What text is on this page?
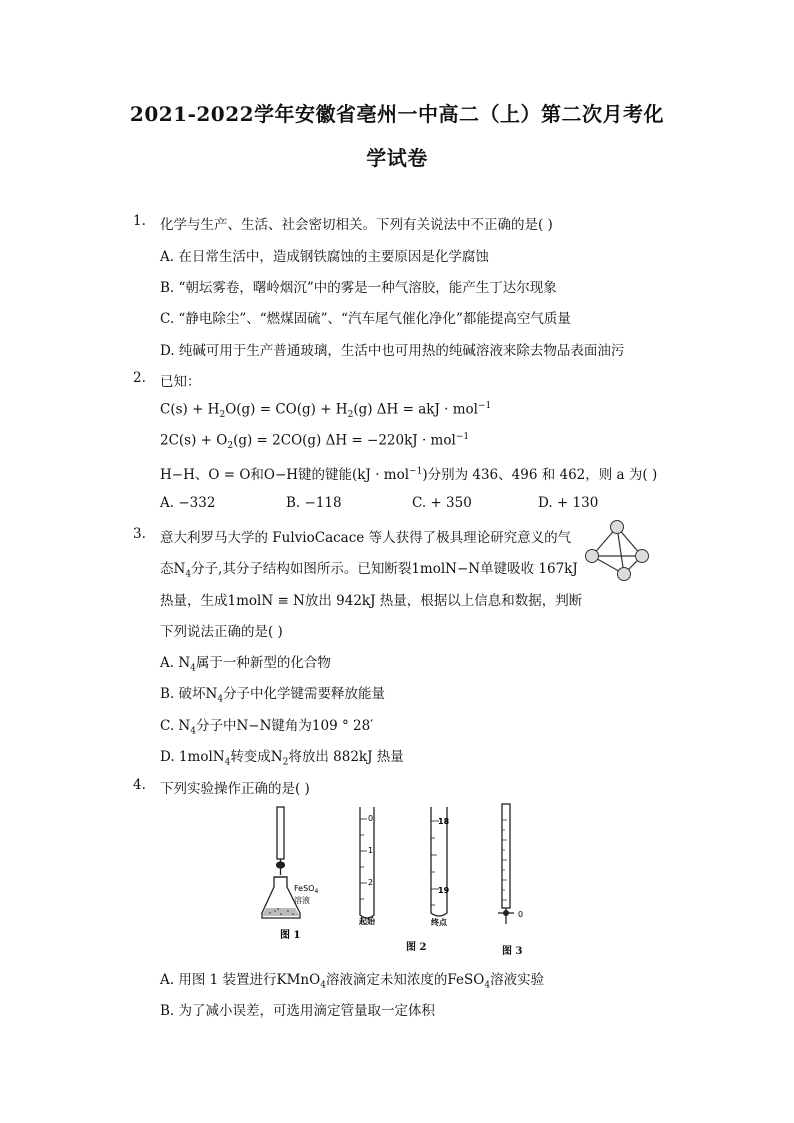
2021-2022学年安徽省亳州一中高二（上）第二次月考化
学试卷
1. 化学与生产、生活、社会密切相关。下列有关说法中不正确的是( )
A. 在日常生活中，造成钢铁腐蚀的主要原因是化学腐蚀
B. “朝坛雾卷，曙岭烟沉”中的雾是一种气溶胶，能产生丁达尔现象
C. “静电除尘”、“燃煤固硫”、“汽车尾气催化净化”都能提高空气质量
D. 纯碱可用于生产普通玻璃，生活中也可用热的纯碱溶液来除去物品表面油污
2. 已知：
$C(s) + H_2O(g) = CO(g) + H_2(g) \Delta H$ = akJ · mol$^{-1}$
$2C(s) + O_2(g) = 2CO(g) \Delta H = -220kJ \cdot mol^{-1}$
H−H、O = O和O−H键的键能(kJ · mol$^{-1}$)分别为 436、496 和 462，则 a 为( )
A. −332	B. −118	C. + 350	D. + 130
3. 意大利罗马大学的 FulvioCacace 等人获得了极具理论研究意义的气
态$N_4$分子,其分子结构如图所示。已知断裂1molN−N单键吸收 167kJ
热量，生成1molN ≡ N放出 942kJ 热量，根据以上信息和数据，判断
下列说法正确的是( )
A. $N_4$属于一种新型的化合物
B. 破坏$N_4$分子中化学键需要释放能量
C. $N_4$分子中N−N键角为109 ° 28′
D. 1molN$_4$转变成$N_2$将放出 882kJ 热量
4. 下列实验操作正确的是( )
FeSO$_4$
溶液
图 1
0
1
2
起始
18
19
终点
图 2
0
图 3
A. 用图 1 装置进行KMnO$_4$溶液滴定未知浓度的FeSO$_4$溶液实验
B. 为了减小误差，可选用滴定管量取一定体积
